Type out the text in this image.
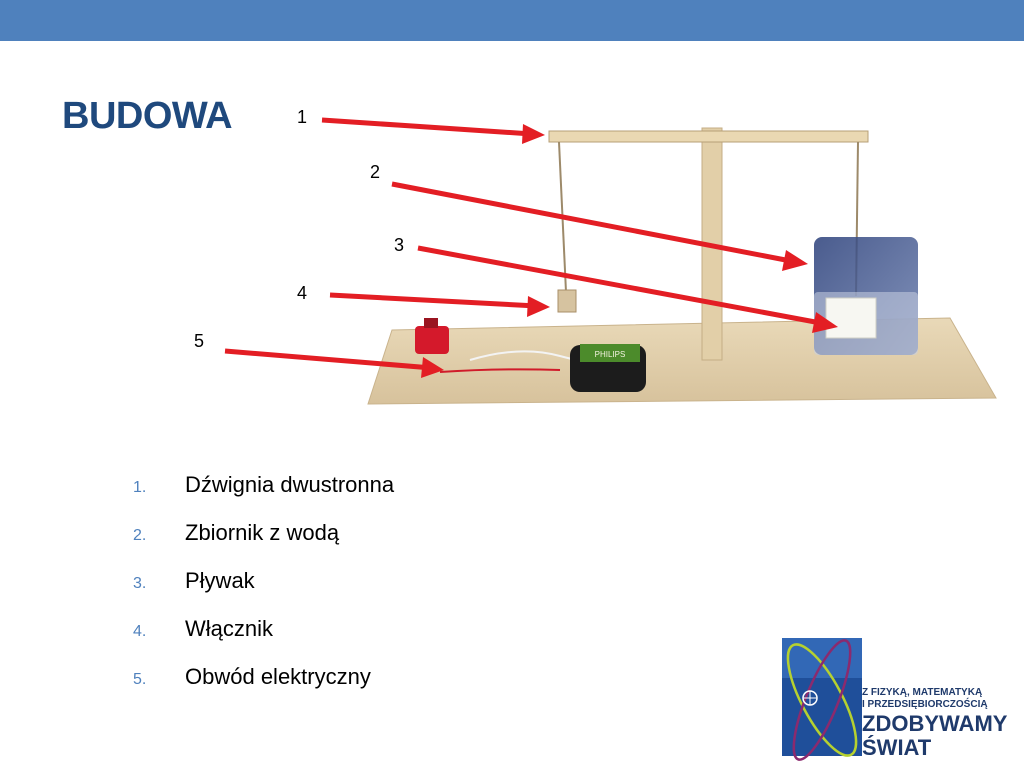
BUDOWA
PHILIPS
1
2
3
4
5
1.	Dźwignia dwustronna
2.	Zbiornik z wodą
3.	Pływak
4.	Włącznik
5.	Obwód elektryczny
Z FIZYKĄ, MATEMATYKĄ
I PRZEDSIĘBIORCZOŚCIĄ
ZDOBYWAMY
ŚWIAT
